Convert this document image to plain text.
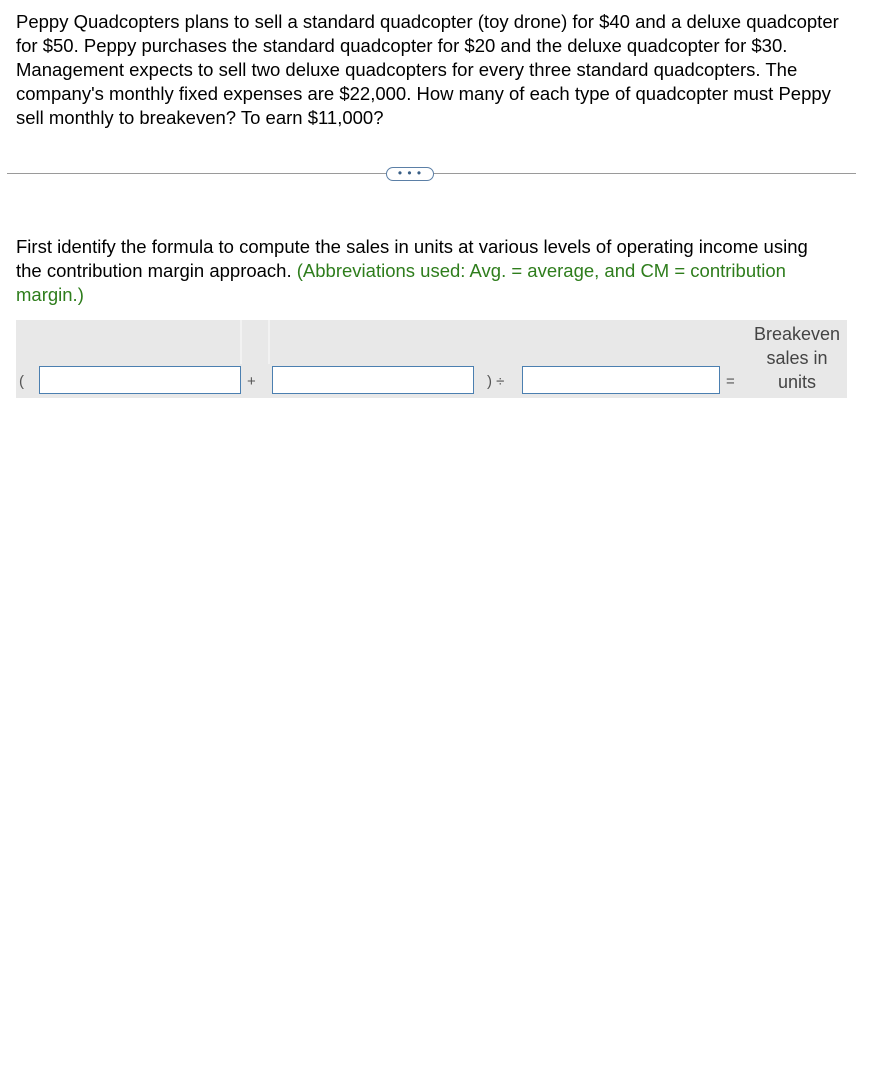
Peppy Quadcopters plans to sell a standard quadcopter (toy drone) for $40 and a deluxe quadcopter for $50. Peppy purchases the standard quadcopter for $20 and the deluxe quadcopter for $30. Management expects to sell two deluxe quadcopters for every three standard quadcopters. The company's monthly fixed expenses are $22,000. How many of each type of quadcopter must Peppy sell monthly to breakeven? To earn $11,000?

• • •

First identify the formula to compute the sales in units at various levels of operating income using the contribution margin approach. (Abbreviations used: Avg. = average, and CM = contribution margin.)

(	+	) ÷	=
Breakeven sales in units
